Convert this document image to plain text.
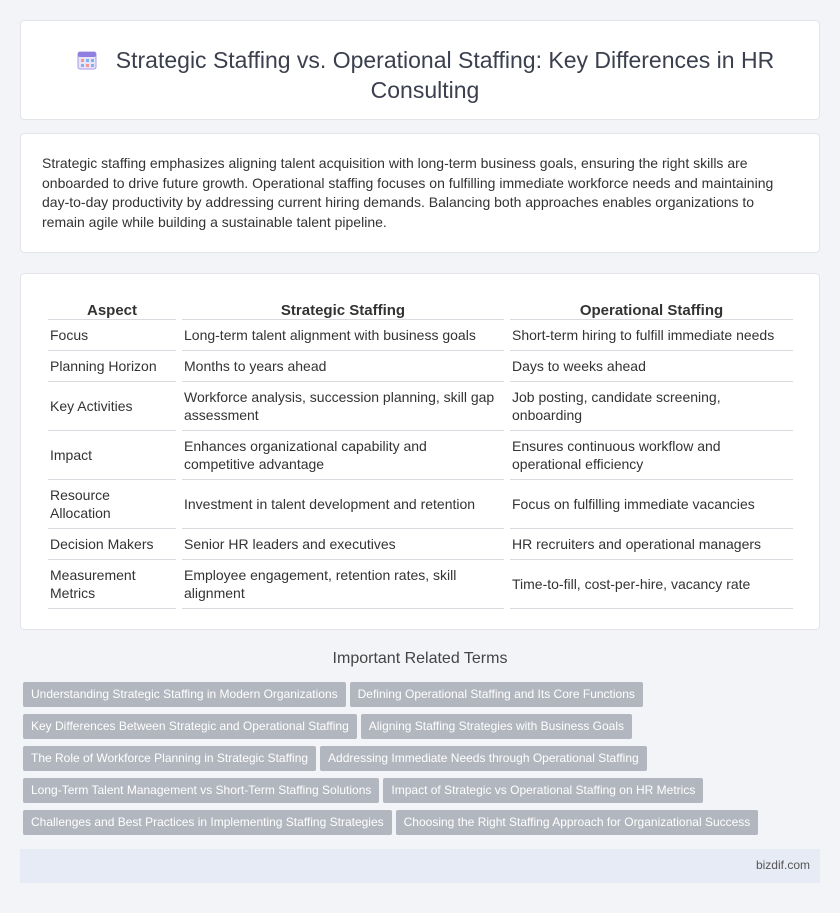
Strategic Staffing vs. Operational Staffing: Key Differences in HR Consulting

Strategic staffing emphasizes aligning talent acquisition with long-term business goals, ensuring the right skills are onboarded to drive future growth. Operational staffing focuses on fulfilling immediate workforce needs and maintaining day-to-day productivity by addressing current hiring demands. Balancing both approaches enables organizations to remain agile while building a sustainable talent pipeline.

Aspect	Strategic Staffing	Operational Staffing
Focus	Long-term talent alignment with business goals	Short-term hiring to fulfill immediate needs
Planning Horizon	Months to years ahead	Days to weeks ahead
Key Activities	Workforce analysis, succession planning, skill gap assessment	Job posting, candidate screening, onboarding
Impact	Enhances organizational capability and competitive advantage	Ensures continuous workflow and operational efficiency
Resource Allocation	Investment in talent development and retention	Focus on fulfilling immediate vacancies
Decision Makers	Senior HR leaders and executives	HR recruiters and operational managers
Measurement Metrics	Employee engagement, retention rates, skill alignment	Time-to-fill, cost-per-hire, vacancy rate
Important Related Terms
Understanding Strategic Staffing in Modern Organizations Defining Operational Staffing and Its Core Functions
Key Differences Between Strategic and Operational Staffing Aligning Staffing Strategies with Business Goals
The Role of Workforce Planning in Strategic Staffing Addressing Immediate Needs through Operational Staffing
Long-Term Talent Management vs Short-Term Staffing Solutions Impact of Strategic vs Operational Staffing on HR Metrics
Challenges and Best Practices in Implementing Staffing Strategies Choosing the Right Staffing Approach for Organizational Success
bizdif.com
